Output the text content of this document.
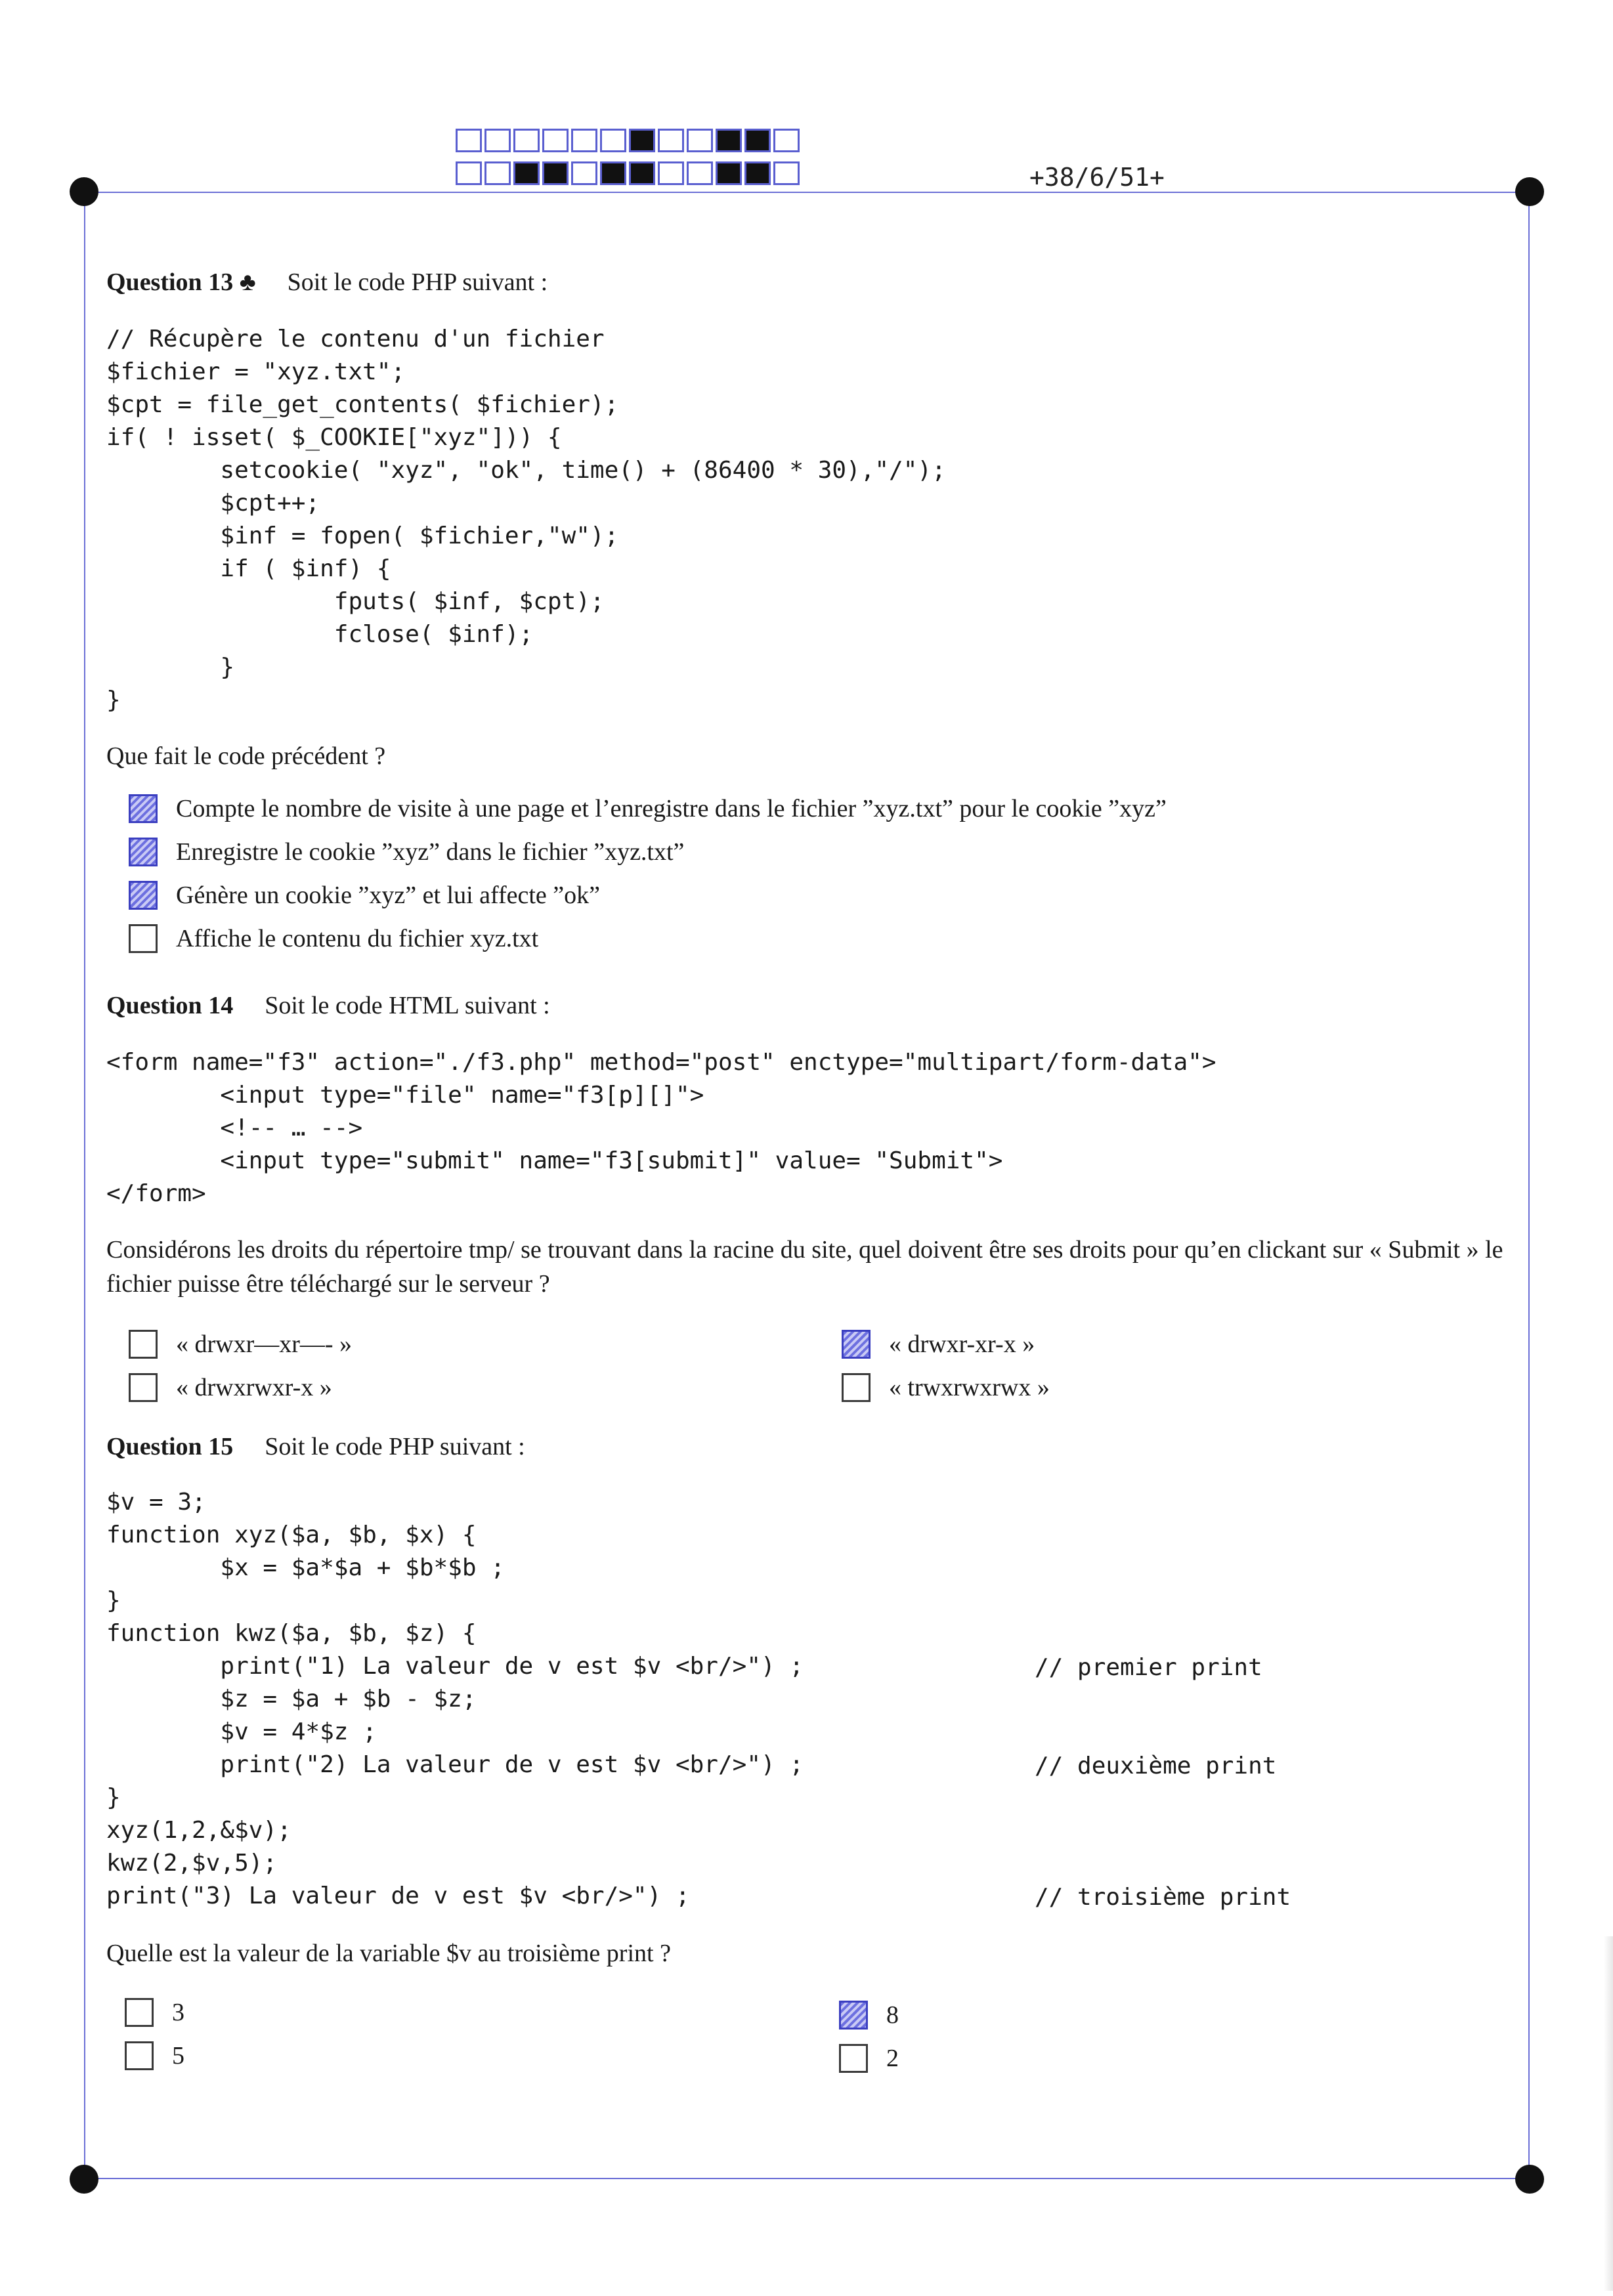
+38/6/51+
Question 13 ♣ Soit le code PHP suivant :
// Récupère le contenu d'un fichier
$fichier = "xyz.txt";
$cpt = file_get_contents( $fichier);
if( ! isset( $_COOKIE["xyz"])) {
setcookie( "xyz", "ok", time() + (86400 * 30),"/");
$cpt++;
$inf = fopen( $fichier,"w");
if ( $inf) {
fputs( $inf, $cpt);
fclose( $inf);
}
}
Que fait le code précédent ?
Compte le nombre de visite à une page et l’enregistre dans le fichier ”xyz.txt” pour le cookie ”xyz”
Enregistre le cookie ”xyz” dans le fichier ”xyz.txt”
Génère un cookie ”xyz” et lui affecte ”ok”
Affiche le contenu du fichier xyz.txt
Question 14 Soit le code HTML suivant :
<form name="f3" action="./f3.php" method="post" enctype="multipart/form-data">
<input type="file" name="f3[p][]">
<!-- … -->
<input type="submit" name="f3[submit]" value= "Submit">
</form>
Considérons les droits du répertoire tmp/ se trouvant dans la racine du site, quel doivent être ses droits pour qu’en clickant sur « Submit » le fichier puisse être téléchargé sur le serveur ?
« drwxr—xr—- »	« drwxr-xr-x »
« drwxrwxr-x »	« trwxrwxrwx »
Question 15 Soit le code PHP suivant :
$v = 3;
function xyz($a, $b, $x) {
$x = $a*$a + $b*$b ;
}
function kwz($a, $b, $z) {
print("1) La valeur de v est $v <br/>") ;
$z = $a + $b - $z;
$v = 4*$z ;
print("2) La valeur de v est $v <br/>") ;
}
xyz(1,2,&$v);
kwz(2,$v,5);
print("3) La valeur de v est $v <br/>") ;
// premier print
// deuxième print
// troisième print
Quelle est la valeur de la variable $v au troisième print ?
3	8
5	2
